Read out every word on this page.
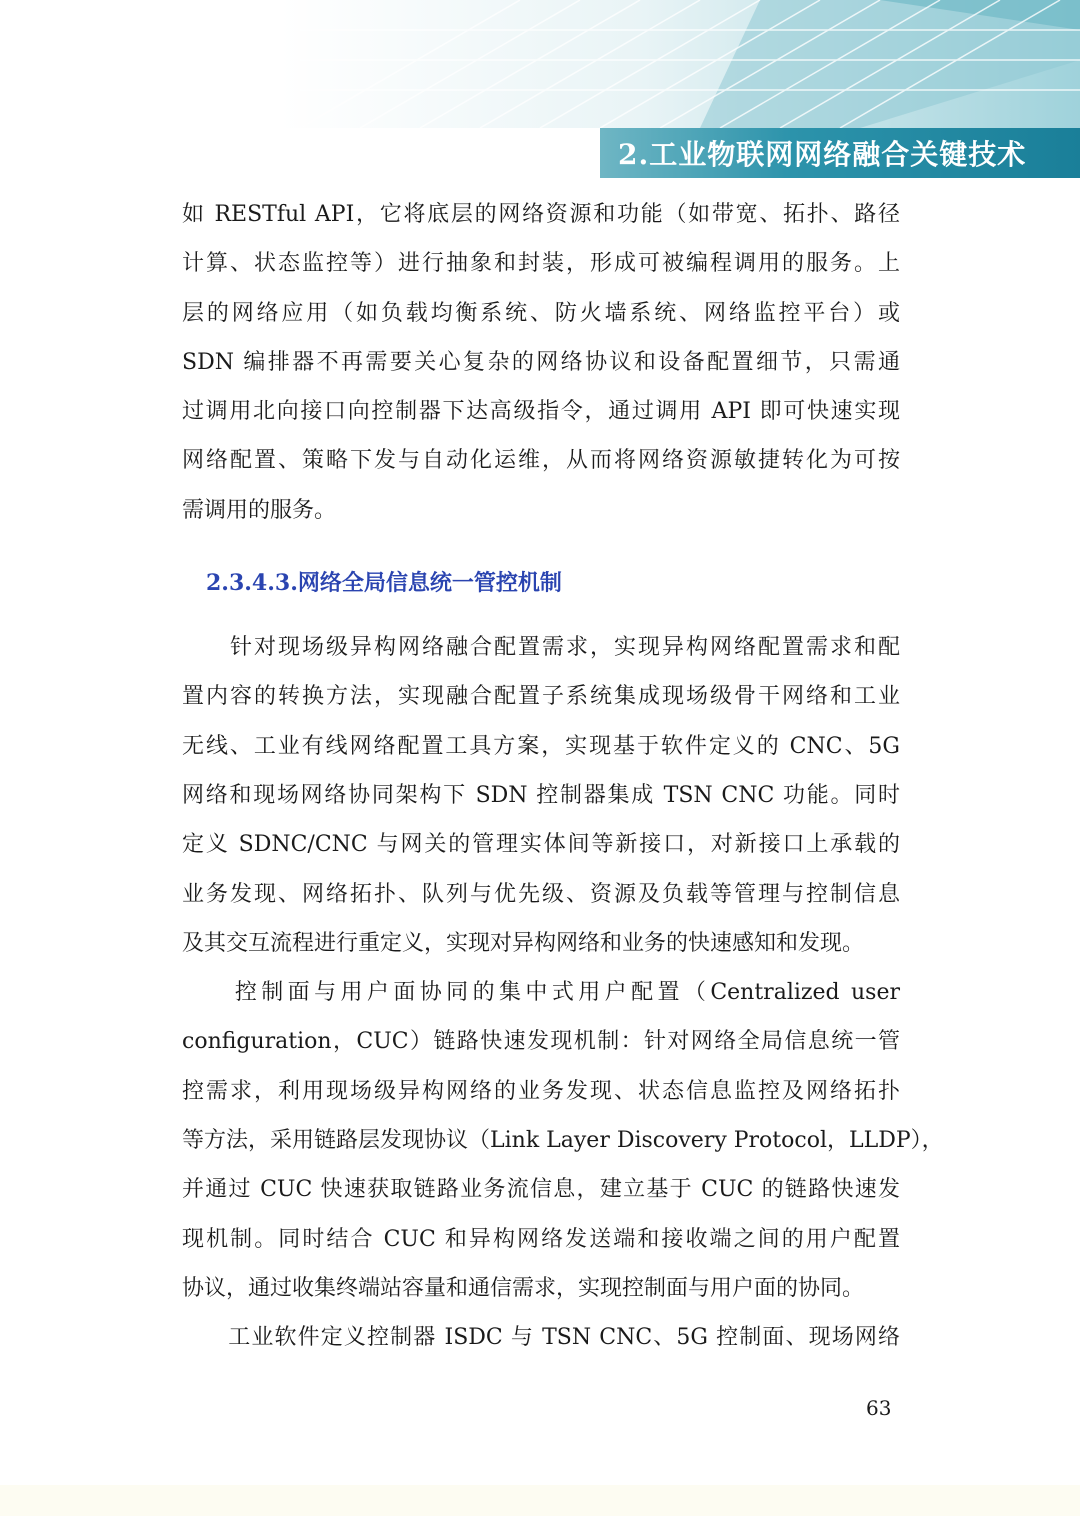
2.工业物联网网络融合关键技术
如 RESTful API，它将底层的网络资源和功能（如带宽、拓扑、路径
计算、状态监控等）进行抽象和封装，形成可被编程调用的服务。上
层的网络应用（如负载均衡系统、防火墙系统、网络监控平台）或
SDN 编排器不再需要关心复杂的网络协议和设备配置细节，只需通
过调用北向接口向控制器下达高级指令，通过调用 API 即可快速实现
网络配置、策略下发与自动化运维，从而将网络资源敏捷转化为可按
需调用的服务。
2.3.4.3.网络全局信息统一管控机制
　　针对现场级异构网络融合配置需求，实现异构网络配置需求和配
置内容的转换方法，实现融合配置子系统集成现场级骨干网络和工业
无线、工业有线网络配置工具方案，实现基于软件定义的 CNC、5G
网络和现场网络协同架构下 SDN 控制器集成 TSN CNC 功能。同时
定义 SDNC/CNC 与网关的管理实体间等新接口，对新接口上承载的
业务发现、网络拓扑、队列与优先级、资源及负载等管理与控制信息
及其交互流程进行重定义，实现对异构网络和业务的快速感知和发现。
　　控制面与用户面协同的集中式用户配置（Centralized user
configuration，CUC）链路快速发现机制：针对网络全局信息统一管
控需求，利用现场级异构网络的业务发现、状态信息监控及网络拓扑
等方法，采用链路层发现协议（Link Layer Discovery Protocol，LLDP），
并通过 CUC 快速获取链路业务流信息，建立基于 CUC 的链路快速发
现机制。同时结合 CUC 和异构网络发送端和接收端之间的用户配置
协议，通过收集终端站容量和通信需求，实现控制面与用户面的协同。
　　工业软件定义控制器 ISDC 与 TSN CNC、5G 控制面、现场网络
63
